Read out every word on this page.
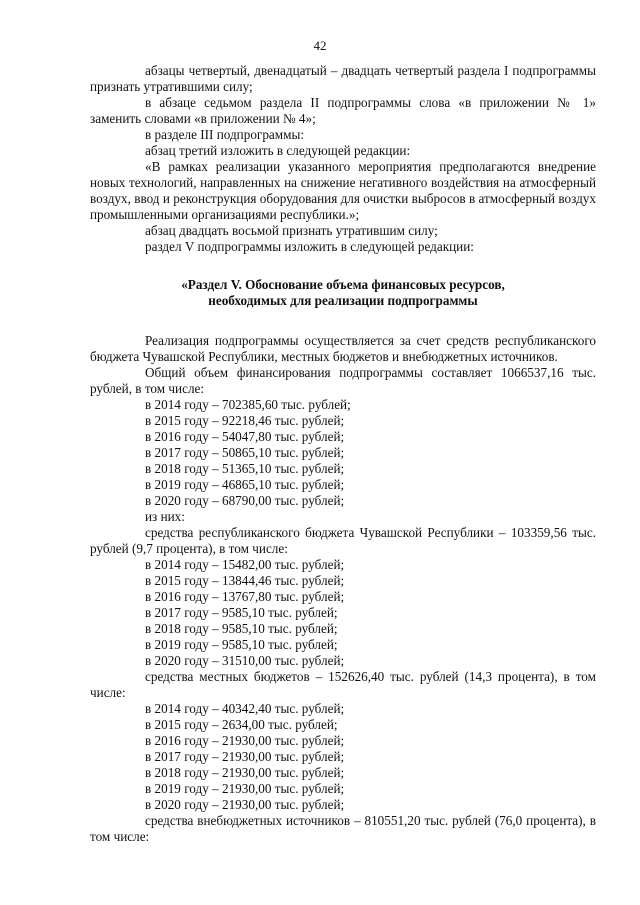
42

абзацы четвертый, двенадцатый – двадцать четвертый раздела I подпрограммы признать утратившими силу;

в абзаце седьмом раздела II подпрограммы слова «в приложении № 1» заменить словами «в приложении № 4»;

в разделе III подпрограммы:

абзац третий изложить в следующей редакции:

«В рамках реализации указанного мероприятия предполагаются внедрение новых технологий, направленных на снижение негативного воздействия на атмосферный воздух, ввод и реконструкция оборудования для очистки выбросов в атмосферный воздух промышленными организациями республики.»;

абзац двадцать восьмой признать утратившим силу;

раздел V подпрограммы изложить в следующей редакции:

«Раздел V. Обоснование объема финансовых ресурсов,
необходимых для реализации подпрограммы

Реализация подпрограммы осуществляется за счет средств республиканского бюджета Чувашской Республики, местных бюджетов и внебюджетных источников.

Общий объем финансирования подпрограммы составляет 1066537,16 тыс. рублей, в том числе:

в 2014 году – 702385,60 тыс. рублей;

в 2015 году – 92218,46 тыс. рублей;

в 2016 году – 54047,80 тыс. рублей;

в 2017 году – 50865,10 тыс. рублей;

в 2018 году – 51365,10 тыс. рублей;

в 2019 году – 46865,10 тыс. рублей;

в 2020 году – 68790,00 тыс. рублей;

из них:

средства республиканского бюджета Чувашской Республики – 103359,56 тыс. рублей (9,7 процента), в том числе:

в 2014 году – 15482,00 тыс. рублей;

в 2015 году – 13844,46 тыс. рублей;

в 2016 году – 13767,80 тыс. рублей;

в 2017 году – 9585,10 тыс. рублей;

в 2018 году – 9585,10 тыс. рублей;

в 2019 году – 9585,10 тыс. рублей;

в 2020 году – 31510,00 тыс. рублей;

средства местных бюджетов – 152626,40 тыс. рублей (14,3 процента), в том числе:

в 2014 году – 40342,40 тыс. рублей;

в 2015 году – 2634,00 тыс. рублей;

в 2016 году – 21930,00 тыс. рублей;

в 2017 году – 21930,00 тыс. рублей;

в 2018 году – 21930,00 тыс. рублей;

в 2019 году – 21930,00 тыс. рублей;

в 2020 году – 21930,00 тыс. рублей;

средства внебюджетных источников – 810551,20 тыс. рублей (76,0 процента), в том числе:
